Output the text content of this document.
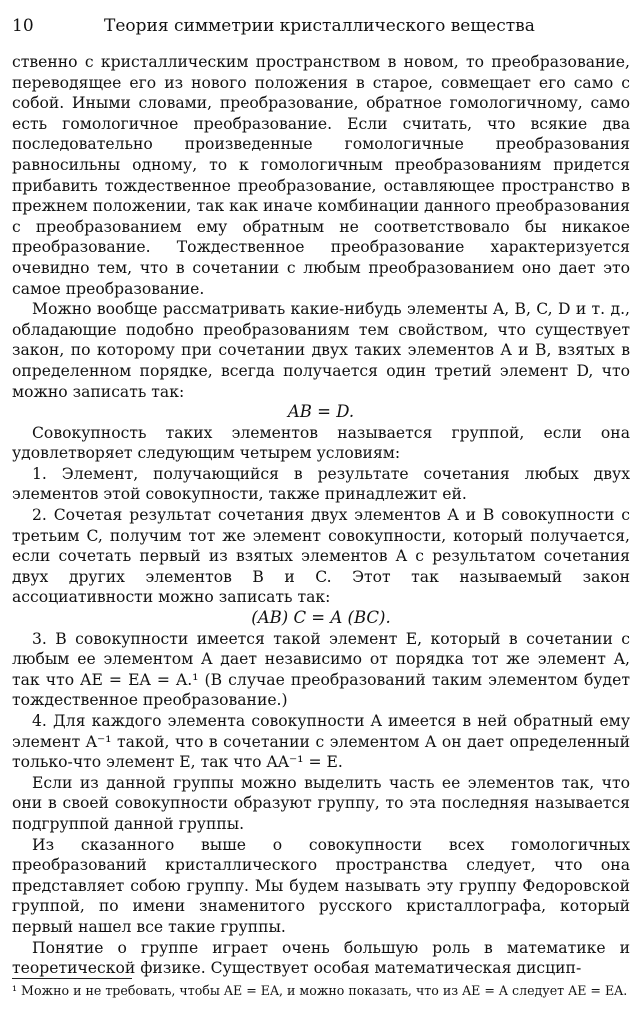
10	Теория симметрии кристаллического вещества

ственно с кристаллическим пространством в новом, то преобразование, переводящее его из нового положения в старое, совмещает его само с собой. Иными словами, преобразование, обратное гомологичному, само есть гомологичное преобразование. Если считать, что всякие два последовательно произведенные гомологичные преобразования равносильны одному, то к гомологичным преобразованиям придется прибавить тождественное преобразование, оставляющее пространство в прежнем положении, так как иначе комбинации данного преобразования с преобразованием ему обратным не соответствовало бы никакое преобразование. Тождественное преобразование характеризуется очевидно тем, что в сочетании с любым преобразованием оно дает это самое преобразование.

Можно вообще рассматривать какие-нибудь элементы A, B, C, D и т. д., обладающие подобно преобразованиям тем свойством, что существует закон, по которому при сочетании двух таких элементов A и B, взятых в определенном порядке, всегда получается один третий элемент D, что можно записать так:

AB = D.

Совокупность таких элементов называется группой, если она удовлетворяет следующим четырем условиям:

1. Элемент, получающийся в результате сочетания любых двух элементов этой совокупности, также принадлежит ей.

2. Сочетая результат сочетания двух элементов A и B совокупности с третьим C, получим тот же элемент совокупности, который получается, если сочетать первый из взятых элементов A с результатом сочетания двух других элементов B и C. Этот так называемый закон ассоциативности можно записать так:

(AB) C = A (BC).

3. В совокупности имеется такой элемент E, который в сочетании с любым ее элементом A дает независимо от порядка тот же элемент A, так что AE = EA = A.¹ (В случае преобразований таким элементом будет тождественное преобразование.)

4. Для каждого элемента совокупности A имеется в ней обратный ему элемент A⁻¹ такой, что в сочетании с элементом A он дает определенный только-что элемент E, так что AA⁻¹ = E.

Если из данной группы можно выделить часть ее элементов так, что они в своей совокупности образуют группу, то эта последняя называется подгруппой данной группы.

Из сказанного выше о совокупности всех гомологичных преобразований кристаллического пространства следует, что она представляет собою группу. Мы будем называть эту группу Федоровской группой, по имени знаменитого русского кристаллографа, который первый нашел все такие группы.

Понятие о группе играет очень большую роль в математике и теоретической физике. Существует особая математическая дисцип-

¹ Можно и не требовать, чтобы AE = EA, и можно показать, что из AE = A следует AE = EA.
